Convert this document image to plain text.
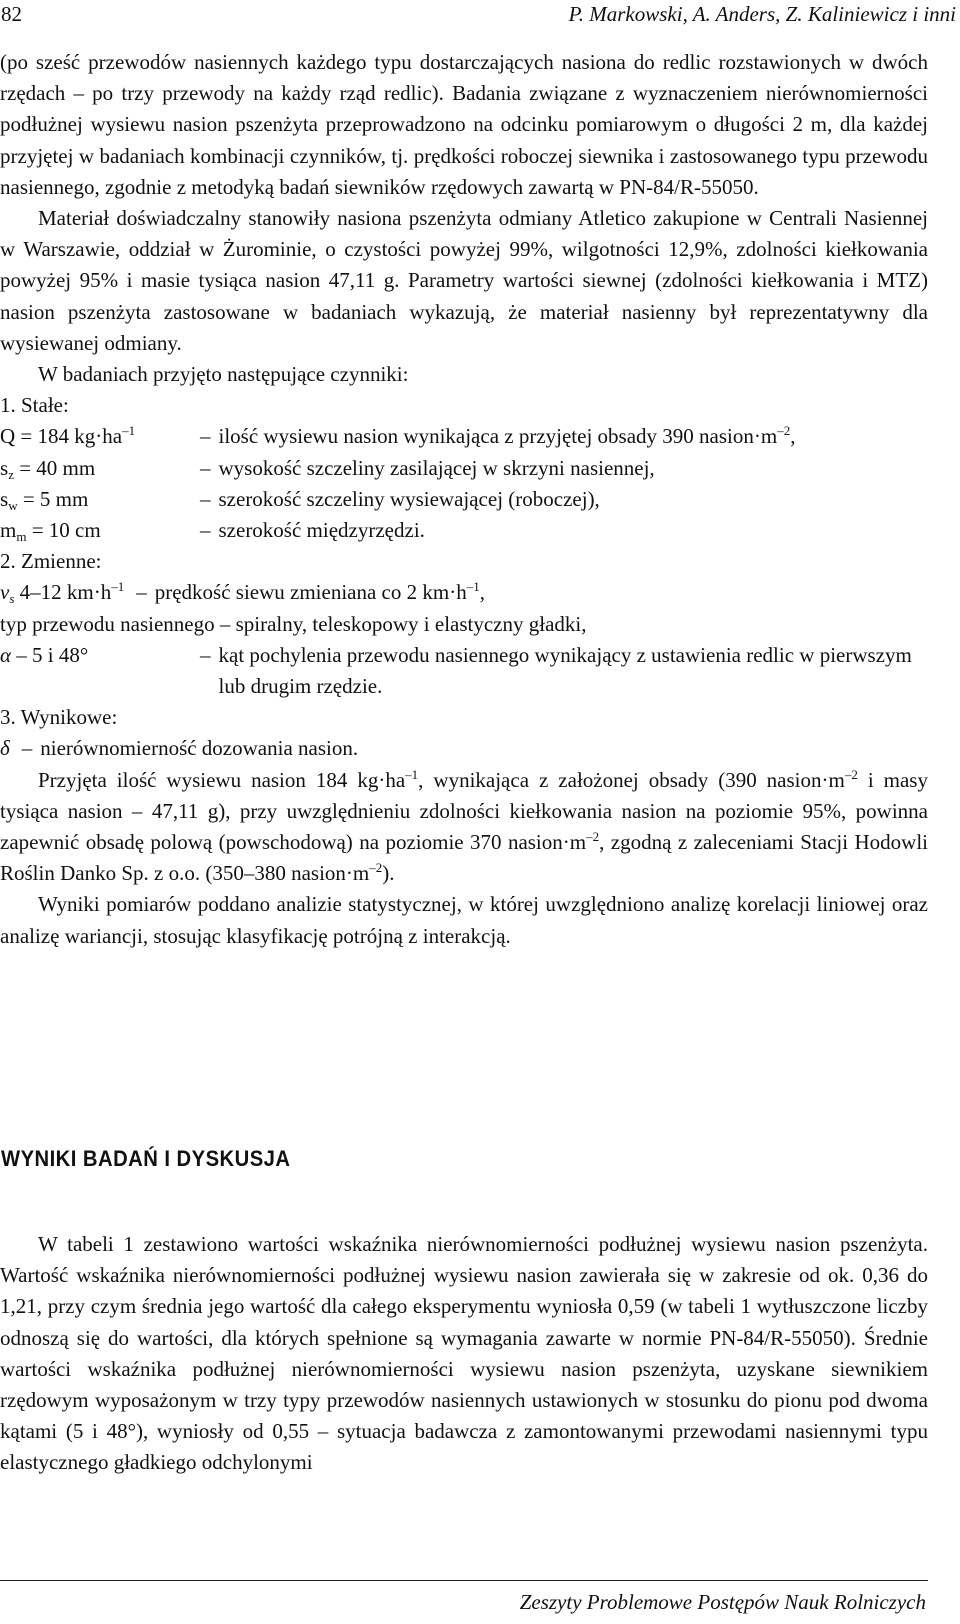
82	P. Markowski, A. Anders, Z. Kaliniewicz i inni

(po sześć przewodów nasiennych każdego typu dostarczających nasiona do redlic rozstawionych w dwóch rzędach – po trzy przewody na każdy rząd redlic). Badania związane z wyznaczeniem nierównomierności podłużnej wysiewu nasion pszenżyta przeprowadzono na odcinku pomiarowym o długości 2 m, dla każdej przyjętej w badaniach kombinacji czynników, tj. prędkości roboczej siewnika i zastosowanego typu przewodu nasiennego, zgodnie z metodyką badań siewników rzędowych zawartą w PN-84/R-55050.

Materiał doświadczalny stanowiły nasiona pszenżyta odmiany Atletico zakupione w Centrali Nasiennej w Warszawie, oddział w Żurominie, o czystości powyżej 99%, wilgotności 12,9%, zdolności kiełkowania powyżej 95% i masie tysiąca nasion 47,11 g. Parametry wartości siewnej (zdolności kiełkowania i MTZ) nasion pszenżyta zastosowane w badaniach wykazują, że materiał nasienny był reprezentatywny dla wysiewanej odmiany.

W badaniach przyjęto następujące czynniki:

1. Stałe:

Q = 184 $kg\cdot ha^{-1}$	– ilość wysiewu nasion wynikająca z przyjętej obsady 390 $nasion\cdot m^{-2}$,
$s_z = 40$ mm	– wysokość szczeliny zasilającej w skrzyni nasiennej,
$s_w = 5$ mm	– szerokość szczeliny wysiewającej (roboczej),
$m_m = 10$ cm	– szerokość międzyrzędzi.

2. Zmienne:

$v_s$ 4–12 $km\cdot h^{-1}$ – prędkość siewu zmieniana co 2 $km\cdot h^{-1}$,

typ przewodu nasiennego – spiralny, teleskopowy i elastyczny gładki,

α – 5 i 48°	– kąt pochylenia przewodu nasiennego wynikający z ustawienia redlic w pierwszym lub drugim rzędzie.

3. Wynikowe:

δ – nierównomierność dozowania nasion.

Przyjęta ilość wysiewu nasion 184 $kg\cdot ha^{-1}$, wynikająca z założonej obsady (390 $nasion\cdot m^{-2}$ i masy tysiąca nasion – 47,11 g), przy uwzględnieniu zdolności kiełkowania nasion na poziomie 95%, powinna zapewnić obsadę polową (powschodową) na poziomie 370 $nasion\cdot m^{-2}$, zgodną z zaleceniami Stacji Hodowli Roślin Danko Sp. z o.o. (350–380 $nasion\cdot m^{-2}$).

Wyniki pomiarów poddano analizie statystycznej, w której uwzględniono analizę korelacji liniowej oraz analizę wariancji, stosując klasyfikację potrójną z interakcją.

WYNIKI BADAŃ I DYSKUSJA

W tabeli 1 zestawiono wartości wskaźnika nierównomierności podłużnej wysiewu nasion pszenżyta. Wartość wskaźnika nierównomierności podłużnej wysiewu nasion zawierała się w zakresie od ok. 0,36 do 1,21, przy czym średnia jego wartość dla całego eksperymentu wyniosła 0,59 (w tabeli 1 wytłuszczone liczby odnoszą się do wartości, dla których spełnione są wymagania zawarte w normie PN-84/R-55050). Średnie wartości wskaźnika podłużnej nierównomierności wysiewu nasion pszenżyta, uzyskane siewnikiem rzędowym wyposażonym w trzy typy przewodów nasiennych ustawionych w stosunku do pionu pod dwoma kątami (5 i 48°), wyniosły od 0,55 – sytuacja badawcza z zamontowanymi przewodami nasiennymi typu elastycznego gładkiego odchylonymi

Zeszyty Problemowe Postępów Nauk Rolniczych
